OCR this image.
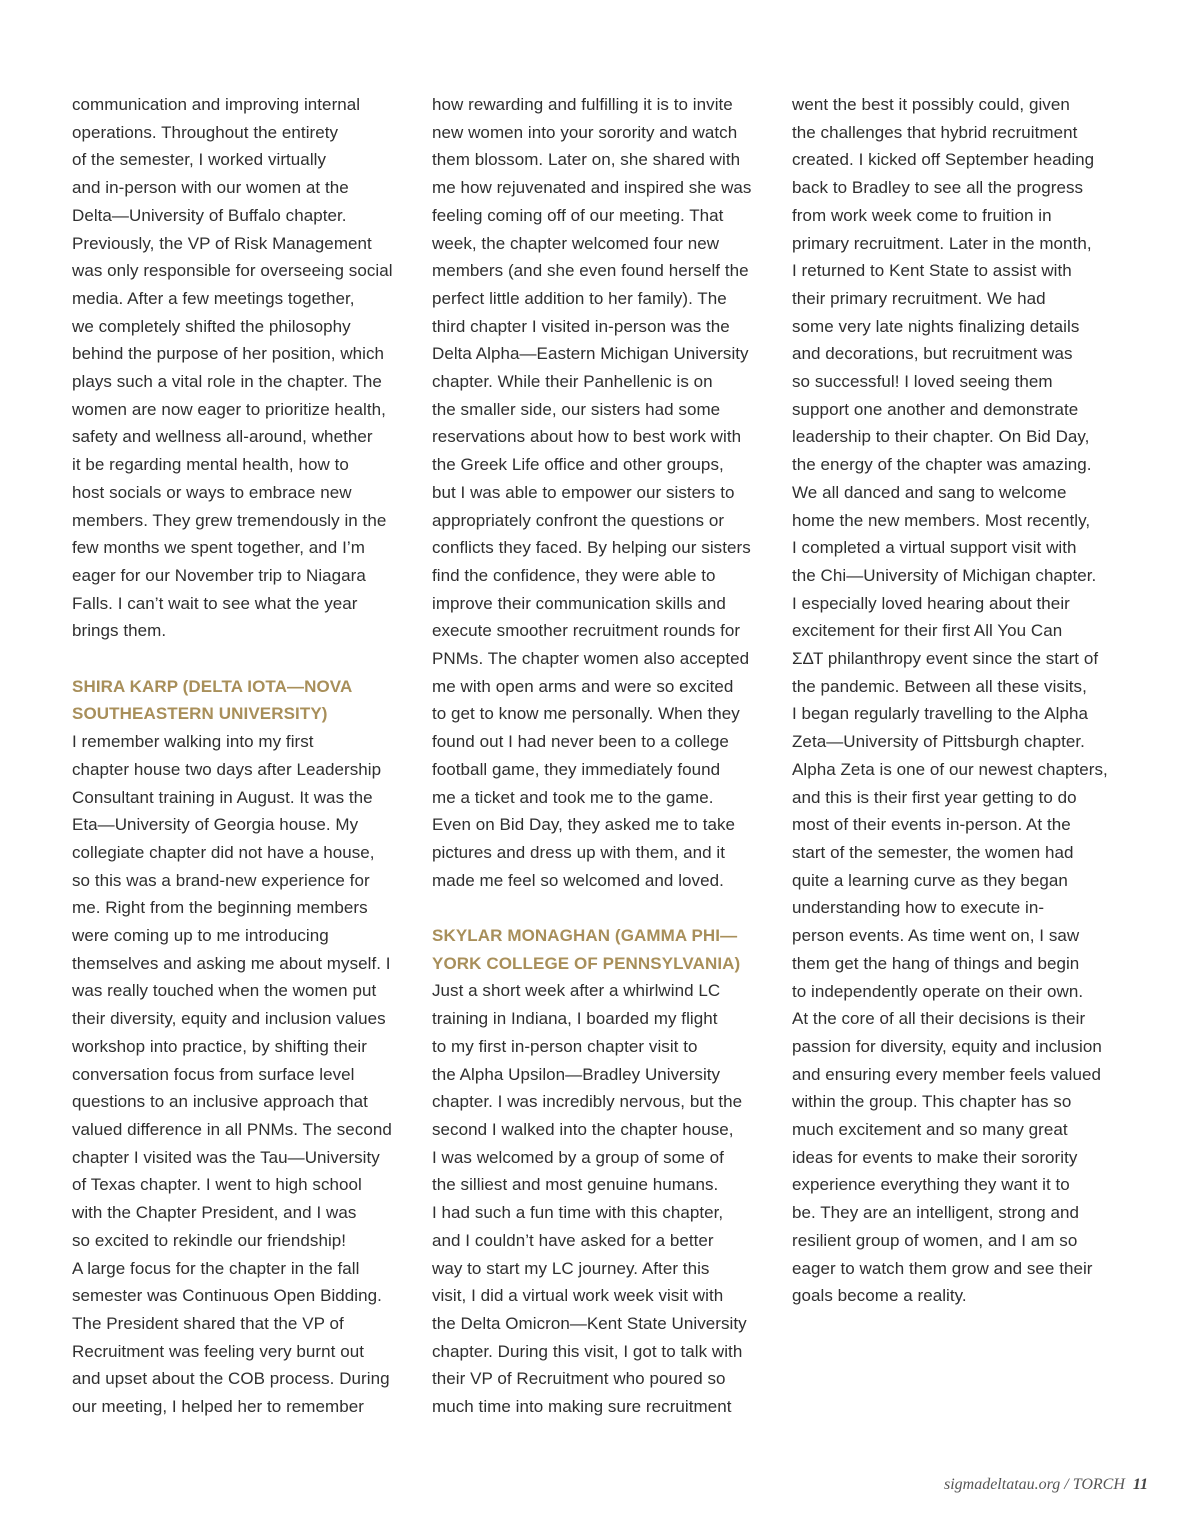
communication and improving internal
operations. Throughout the entirety
of the semester, I worked virtually
and in-person with our women at the
Delta—University of Buffalo chapter.
Previously, the VP of Risk Management
was only responsible for overseeing social
media. After a few meetings together,
we completely shifted the philosophy
behind the purpose of her position, which
plays such a vital role in the chapter. The
women are now eager to prioritize health,
safety and wellness all-around, whether
it be regarding mental health, how to
host socials or ways to embrace new
members. They grew tremendously in the
few months we spent together, and I’m
eager for our November trip to Niagara
Falls. I can’t wait to see what the year
brings them.
SHIRA KARP (DELTA IOTA—NOVA
SOUTHEASTERN UNIVERSITY)
I remember walking into my first
chapter house two days after Leadership
Consultant training in August. It was the
Eta—University of Georgia house. My
collegiate chapter did not have a house,
so this was a brand-new experience for
me. Right from the beginning members
were coming up to me introducing
themselves and asking me about myself. I
was really touched when the women put
their diversity, equity and inclusion values
workshop into practice, by shifting their
conversation focus from surface level
questions to an inclusive approach that
valued difference in all PNMs. The second
chapter I visited was the Tau—University
of Texas chapter. I went to high school
with the Chapter President, and I was
so excited to rekindle our friendship!
A large focus for the chapter in the fall
semester was Continuous Open Bidding.
The President shared that the VP of
Recruitment was feeling very burnt out
and upset about the COB process. During
our meeting, I helped her to remember
how rewarding and fulfilling it is to invite
new women into your sorority and watch
them blossom. Later on, she shared with
me how rejuvenated and inspired she was
feeling coming off of our meeting. That
week, the chapter welcomed four new
members (and she even found herself the
perfect little addition to her family). The
third chapter I visited in-person was the
Delta Alpha—Eastern Michigan University
chapter. While their Panhellenic is on
the smaller side, our sisters had some
reservations about how to best work with
the Greek Life office and other groups,
but I was able to empower our sisters to
appropriately confront the questions or
conflicts they faced. By helping our sisters
find the confidence, they were able to
improve their communication skills and
execute smoother recruitment rounds for
PNMs. The chapter women also accepted
me with open arms and were so excited
to get to know me personally. When they
found out I had never been to a college
football game, they immediately found
me a ticket and took me to the game.
Even on Bid Day, they asked me to take
pictures and dress up with them, and it
made me feel so welcomed and loved.
SKYLAR MONAGHAN (GAMMA PHI—
YORK COLLEGE OF PENNSYLVANIA)
Just a short week after a whirlwind LC
training in Indiana, I boarded my flight
to my first in-person chapter visit to
the Alpha Upsilon—Bradley University
chapter. I was incredibly nervous, but the
second I walked into the chapter house,
I was welcomed by a group of some of
the silliest and most genuine humans.
I had such a fun time with this chapter,
and I couldn’t have asked for a better
way to start my LC journey. After this
visit, I did a virtual work week visit with
the Delta Omicron—Kent State University
chapter. During this visit, I got to talk with
their VP of Recruitment who poured so
much time into making sure recruitment
went the best it possibly could, given
the challenges that hybrid recruitment
created. I kicked off September heading
back to Bradley to see all the progress
from work week come to fruition in
primary recruitment. Later in the month,
I returned to Kent State to assist with
their primary recruitment. We had
some very late nights finalizing details
and decorations, but recruitment was
so successful! I loved seeing them
support one another and demonstrate
leadership to their chapter. On Bid Day,
the energy of the chapter was amazing.
We all danced and sang to welcome
home the new members. Most recently,
I completed a virtual support visit with
the Chi—University of Michigan chapter.
I especially loved hearing about their
excitement for their first All You Can
ΣΔΤ philanthropy event since the start of
the pandemic. Between all these visits,
I began regularly travelling to the Alpha
Zeta—University of Pittsburgh chapter.
Alpha Zeta is one of our newest chapters,
and this is their first year getting to do
most of their events in-person. At the
start of the semester, the women had
quite a learning curve as they began
understanding how to execute in-
person events. As time went on, I saw
them get the hang of things and begin
to independently operate on their own.
At the core of all their decisions is their
passion for diversity, equity and inclusion
and ensuring every member feels valued
within the group. This chapter has so
much excitement and so many great
ideas for events to make their sorority
experience everything they want it to
be. They are an intelligent, strong and
resilient group of women, and I am so
eager to watch them grow and see their
goals become a reality.
sigmadeltatau.org / TORCH 11
